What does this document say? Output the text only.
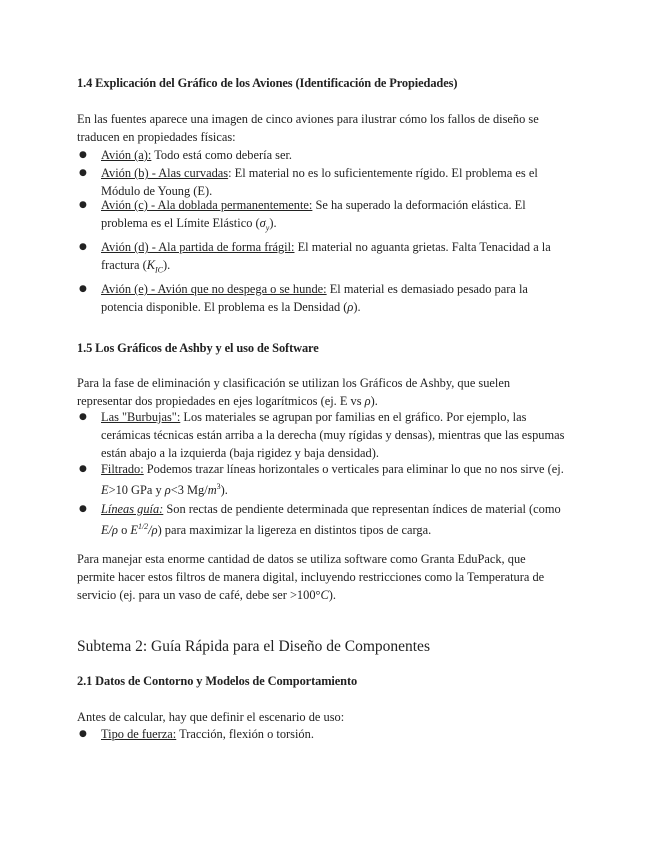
1.4 Explicación del Gráfico de los Aviones (Identificación de Propiedades)
En las fuentes aparece una imagen de cinco aviones para ilustrar cómo los fallos de diseño se traducen en propiedades físicas:
● Avión (a): Todo está como debería ser.
● Avión (b) - Alas curvadas: El material no es lo suficientemente rígido. El problema es el Módulo de Young (E).
● Avión (c) - Ala doblada permanentemente: Se ha superado la deformación elástica. El problema es el Límite Elástico $(\sigma_y)$.
● Avión (d) - Ala partida de forma frágil: El material no aguanta grietas. Falta Tenacidad a la fractura $(K_{IC})$.
● Avión (e) - Avión que no despega o se hunde: El material es demasiado pesado para la potencia disponible. El problema es la Densidad (ρ).
1.5 Los Gráficos de Ashby y el uso de Software
Para la fase de eliminación y clasificación se utilizan los Gráficos de Ashby, que suelen representar dos propiedades en ejes logarítmicos (ej. E vs ρ).
● Las "Burbujas": Los materiales se agrupan por familias en el gráfico. Por ejemplo, las cerámicas técnicas están arriba a la derecha (muy rígidas y densas), mientras que las espumas están abajo a la izquierda (baja rigidez y baja densidad).
● Filtrado: Podemos trazar líneas horizontales o verticales para eliminar lo que no nos sirve (ej. E>10 GPa y ρ<3 $Mg/m^3$).
● Líneas guía: Son rectas de pendiente determinada que representan índices de material (como E/ρ o $E^{1/2}/\rho$) para maximizar la ligereza en distintos tipos de carga.
Para manejar esta enorme cantidad de datos se utiliza software como Granta EduPack, que permite hacer estos filtros de manera digital, incluyendo restricciones como la Temperatura de servicio (ej. para un vaso de café, debe ser >100°C).
Subtema 2: Guía Rápida para el Diseño de Componentes
2.1 Datos de Contorno y Modelos de Comportamiento
Antes de calcular, hay que definir el escenario de uso:
● Tipo de fuerza: Tracción, flexión o torsión.
